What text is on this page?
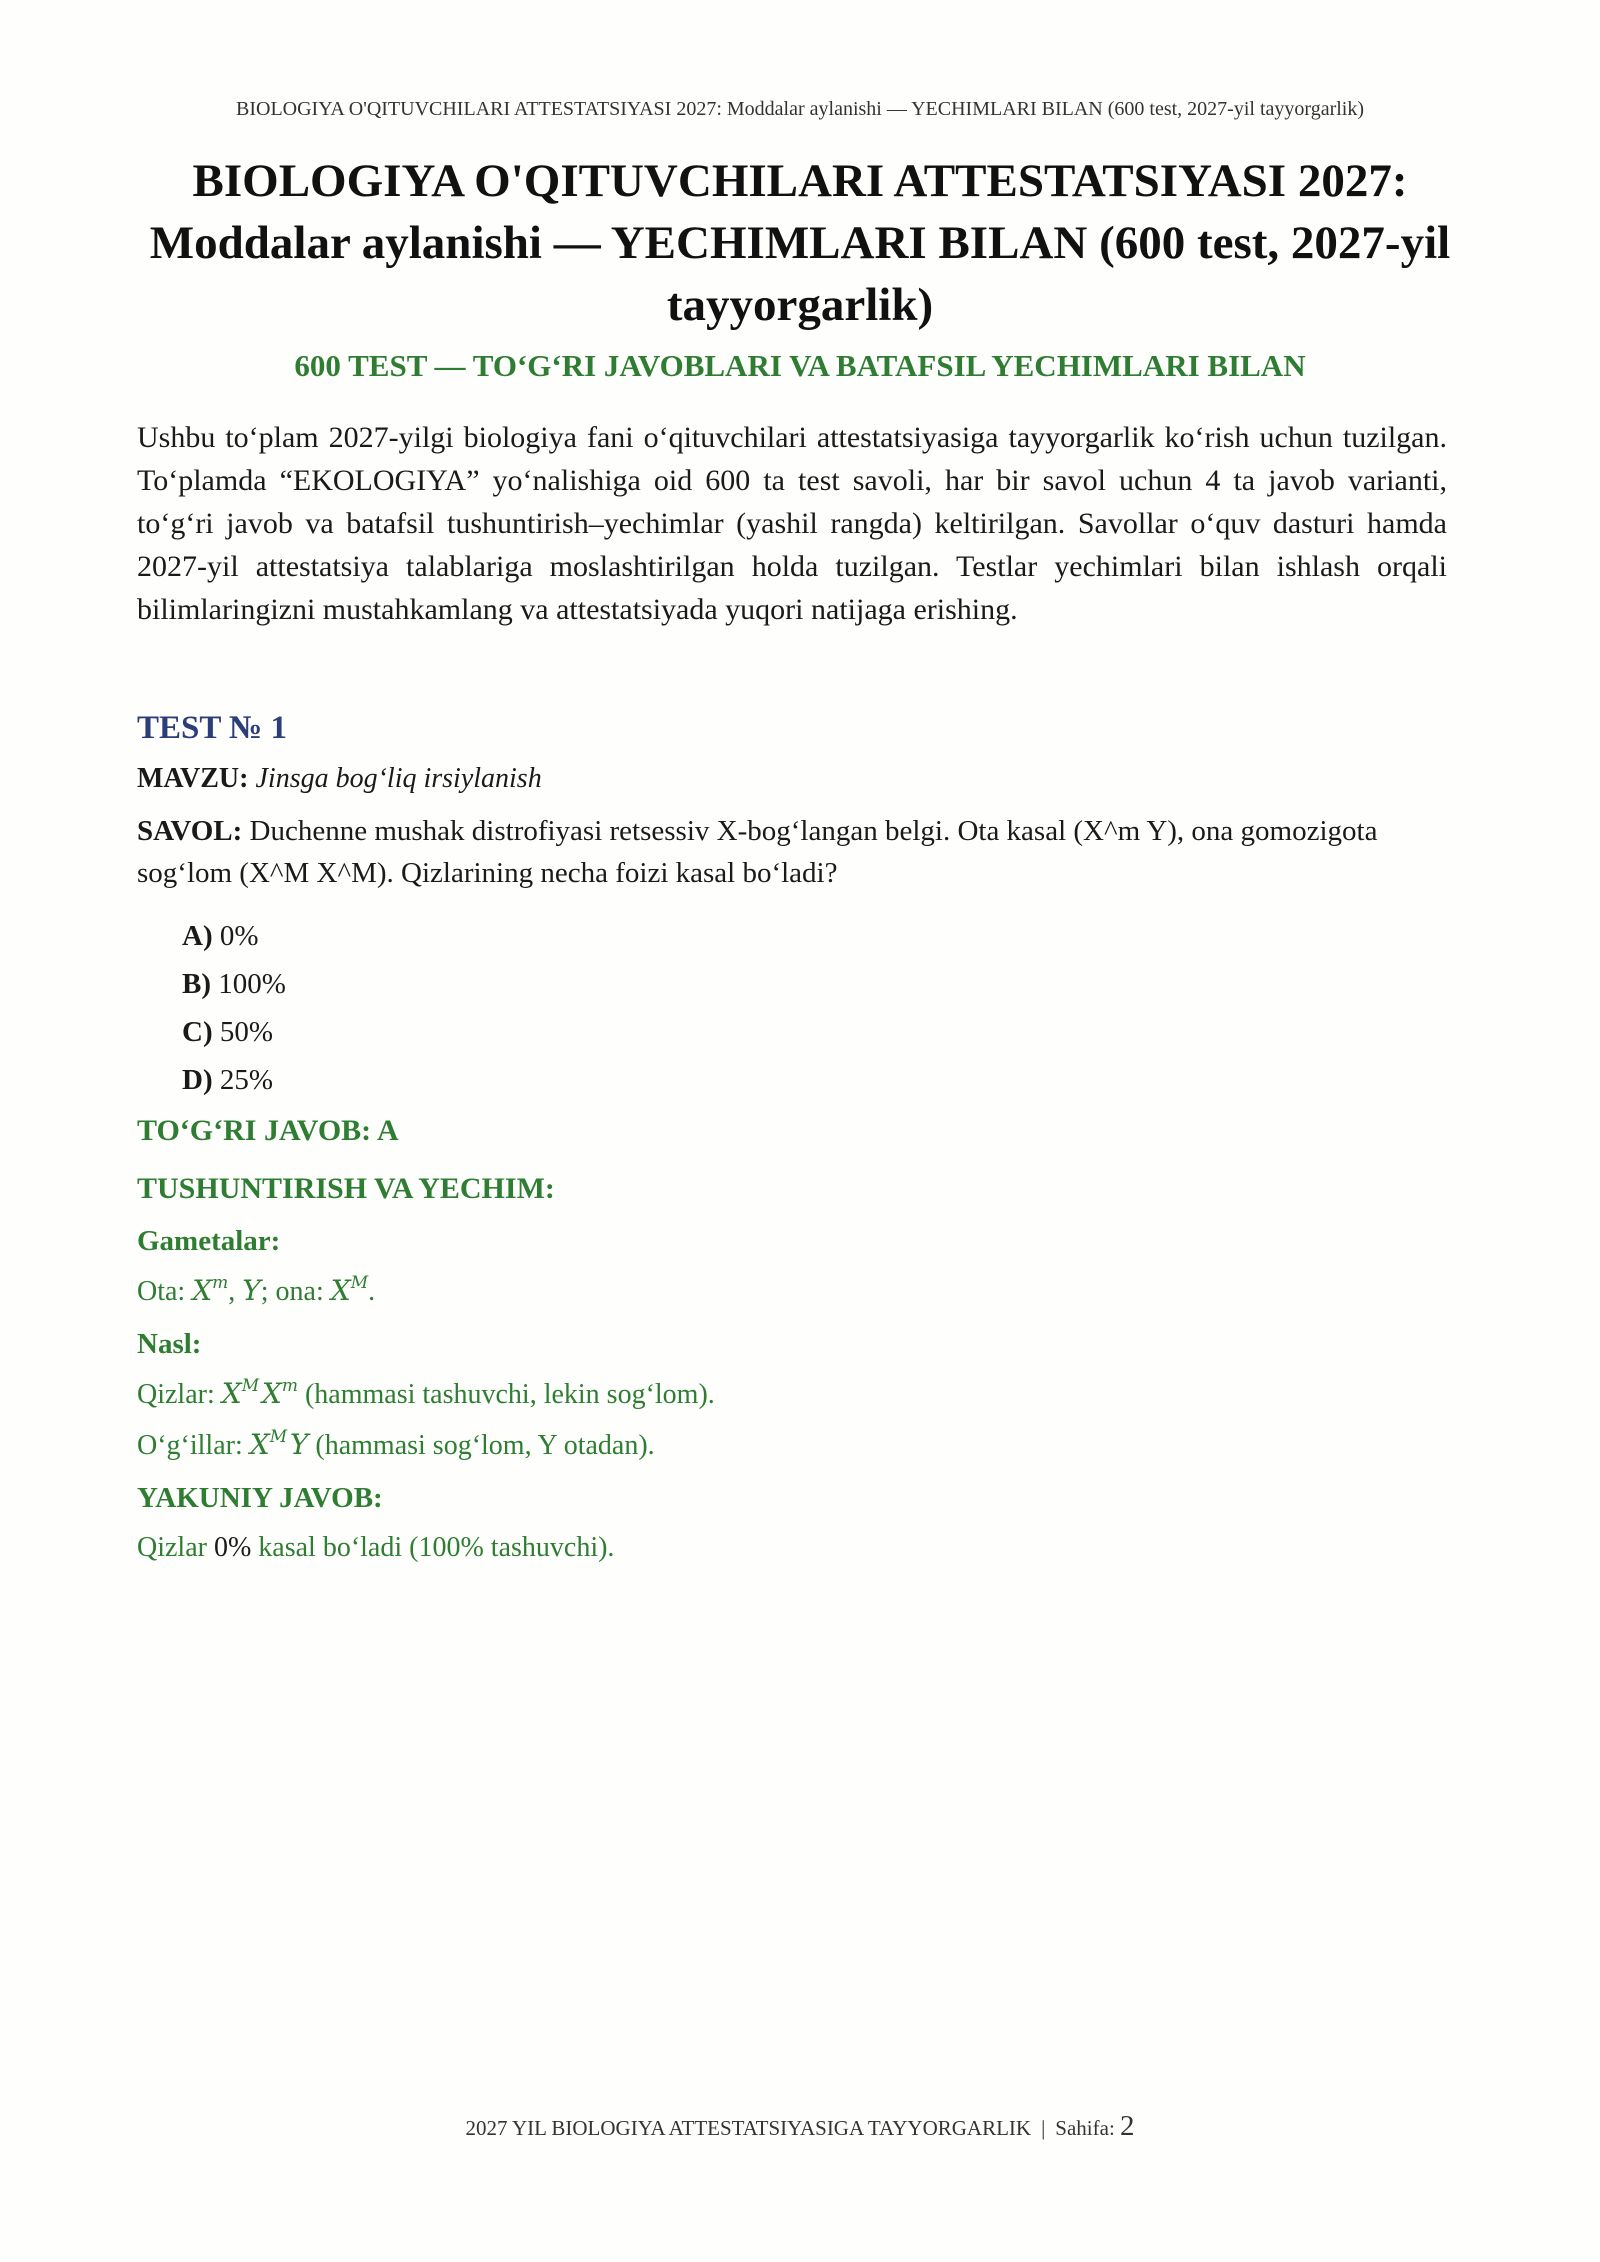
BIOLOGIYA O'QITUVCHILARI ATTESTATSIYASI 2027: Moddalar aylanishi — YECHIMLARI BILAN (600 test, 2027-yil tayyorgarlik)
BIOLOGIYA O'QITUVCHILARI ATTESTATSIYASI 2027: Moddalar aylanishi — YECHIMLARI BILAN (600 test, 2027-yil tayyorgarlik)
600 TEST — TO‘G‘RI JAVOBLARI VA BATAFSIL YECHIMLARI BILAN
Ushbu to‘plam 2027-yilgi biologiya fani o‘qituvchilari attestatsiyasiga tayyorgarlik ko‘rish uchun tuzilgan. To‘plamda “EKOLOGIYA” yo‘nalishiga oid 600 ta test savoli, har bir savol uchun 4 ta javob varianti, to‘g‘ri javob va batafsil tushuntirish–yechimlar (yashil rangda) keltirilgan. Savollar o‘quv dasturi hamda 2027-yil attestatsiya talablariga moslashtirilgan holda tuzilgan. Testlar yechimlari bilan ishlash orqali bilimlaringizni mustahkamlang va attestatsiyada yuqori natijaga erishing.
TEST № 1
MAVZU: Jinsga bog‘liq irsiylanish
SAVOL: Duchenne mushak distrofiyasi retsessiv X-bog‘langan belgi. Ota kasal (X^m Y), ona gomozigota sog‘lom (X^M X^M). Qizlarining necha foizi kasal bo‘ladi?
A) 0%
B) 100%
C) 50%
D) 25%
TO‘G‘RI JAVOB: A
TUSHUNTIRISH VA YECHIM:
Gametalar:
Ota: $X^m$, Y; ona: $X^M$.
Nasl:
Qizlar: $X^M$ $X^m$ (hammasi tashuvchi, lekin sog‘lom).
O‘g‘illar: $X^M$ Y (hammasi sog‘lom, Y otadan).
YAKUNIY JAVOB:
Qizlar 0% kasal bo‘ladi (100% tashuvchi).
2027 YIL BIOLOGIYA ATTESTATSIYASIGA TAYYORGARLIK | Sahifa: 2
